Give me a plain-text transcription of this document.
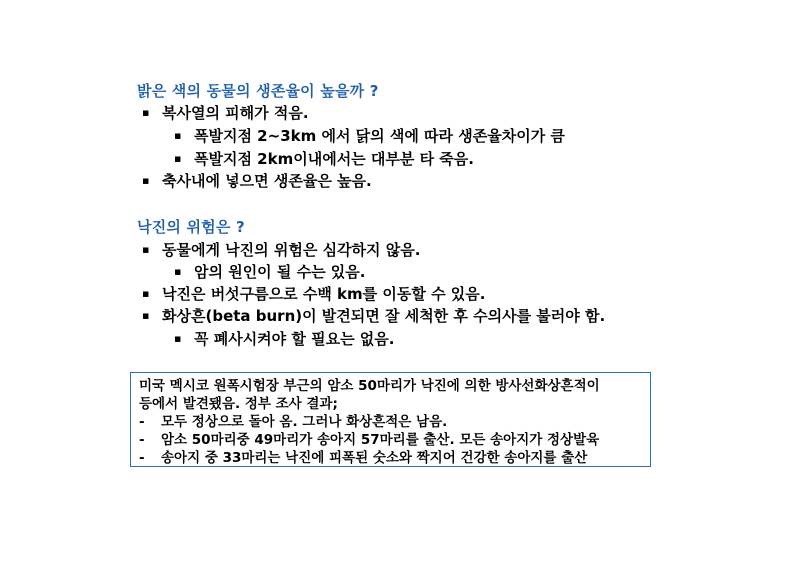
밝은 색의 동물의 생존율이 높을까 ?
▪ 복사열의 피해가 적음.
▪ 폭발지점 2~3km 에서 닭의 색에 따라 생존율차이가 큼
▪ 폭발지점 2km이내에서는 대부분 타 죽음.
▪ 축사내에 넣으면 생존율은 높음.
낙진의 위험은 ?
▪ 동물에게 낙진의 위험은 심각하지 않음.
▪ 암의 원인이 될 수는 있음.
▪ 낙진은 버섯구름으로 수백 km를 이동할 수 있음.
▪ 화상흔(beta burn)이 발견되면 잘 세척한 후 수의사를 불러야 함.
▪ 꼭 폐사시켜야 할 필요는 없음.
미국 멕시코 원폭시험장 부근의 암소 50마리가 낙진에 의한 방사선화상흔적이
등에서 발견됐음. 정부 조사 결과;
-	모두 정상으로 돌아 옴. 그러나 화상흔적은 남음.
-	암소 50마리중 49마리가 송아지 57마리를 출산. 모든 송아지가 정상발육
-	송아지 중 33마리는 낙진에 피폭된 숫소와 짝지어 건강한 송아지를 출산
